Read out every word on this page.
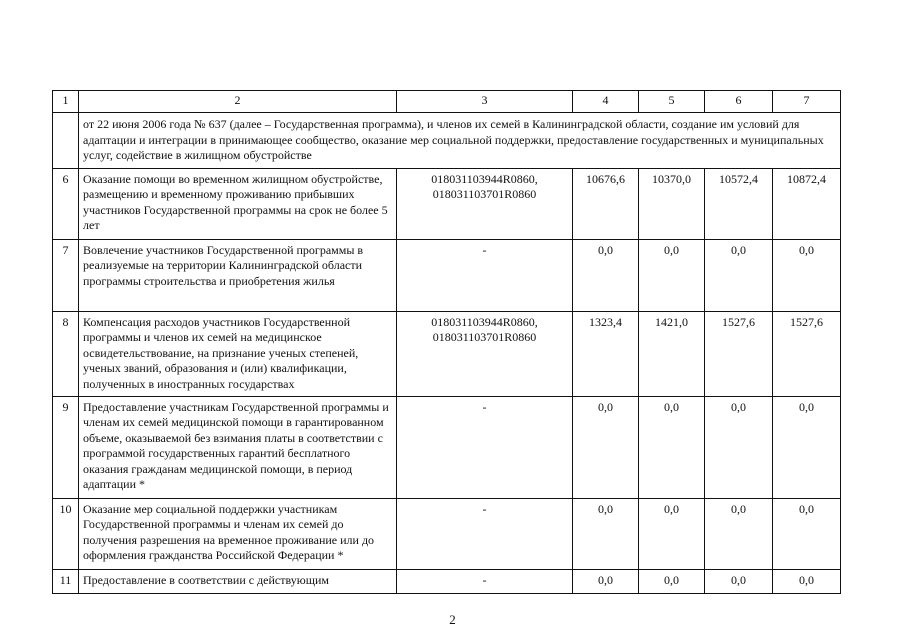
1	2	3	4	5	6	7
	от 22 июня 2006 года № 637 (далее – Государственная программа), и членов их семей в Калининградской области, создание им условий для адаптации и интеграции в принимающее сообщество, оказание мер социальной поддержки, предоставление государственных и муниципальных услуг, содействие в жилищном обустройстве					
6	Оказание помощи во временном жилищном обустройстве, размещению и временному проживанию прибывших участников Государственной программы на срок не более 5 лет	018031103944R0860, 018031103701R0860	10676,6	10370,0	10572,4	10872,4
7	Вовлечение участников Государственной программы в реализуемые на территории Калининградской области программы строительства и приобретения жилья	-	0,0	0,0	0,0	0,0
8	Компенсация расходов участников Государственной программы и членов их семей на медицинское освидетельствование, на признание ученых степеней, ученых званий, образования и (или) квалификации, полученных в иностранных государствах	018031103944R0860, 018031103701R0860	1323,4	1421,0	1527,6	1527,6
9	Предоставление участникам Государственной программы и членам их семей медицинской помощи в гарантированном объеме, оказываемой без взимания платы в соответствии с программой государственных гарантий бесплатного оказания гражданам медицинской помощи, в период адаптации *	-	0,0	0,0	0,0	0,0
10	Оказание мер социальной поддержки участникам Государственной программы и членам их семей до получения разрешения на временное проживание или до оформления гражданства Российской Федерации *	-	0,0	0,0	0,0	0,0
11	Предоставление в соответствии с действующим	-	0,0	0,0	0,0	0,0
2
